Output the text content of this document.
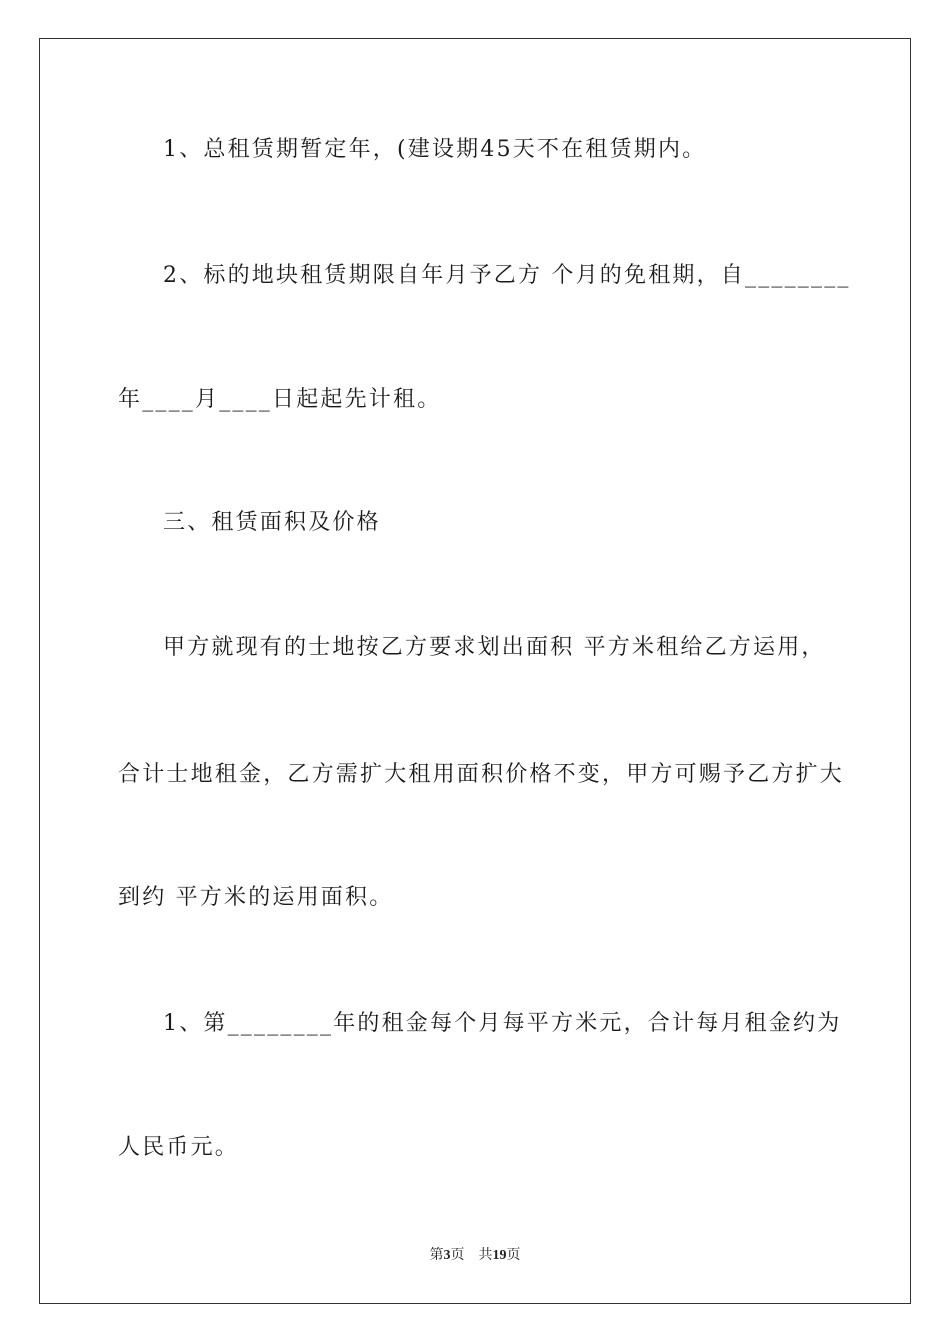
1、总租赁期暂定年，(建设期45天不在租赁期内。
2、标的地块租赁期限自年月予乙方 个月的免租期，自________
年____月____日起起先计租。
三、租赁面积及价格
甲方就现有的士地按乙方要求划出面积 平方米租给乙方运用，
合计士地租金，乙方需扩大租用面积价格不变，甲方可赐予乙方扩大
到约 平方米的运用面积。
1、第________年的租金每个月每平方米元，合计每月租金约为
人民币元。
第3页 共19页
